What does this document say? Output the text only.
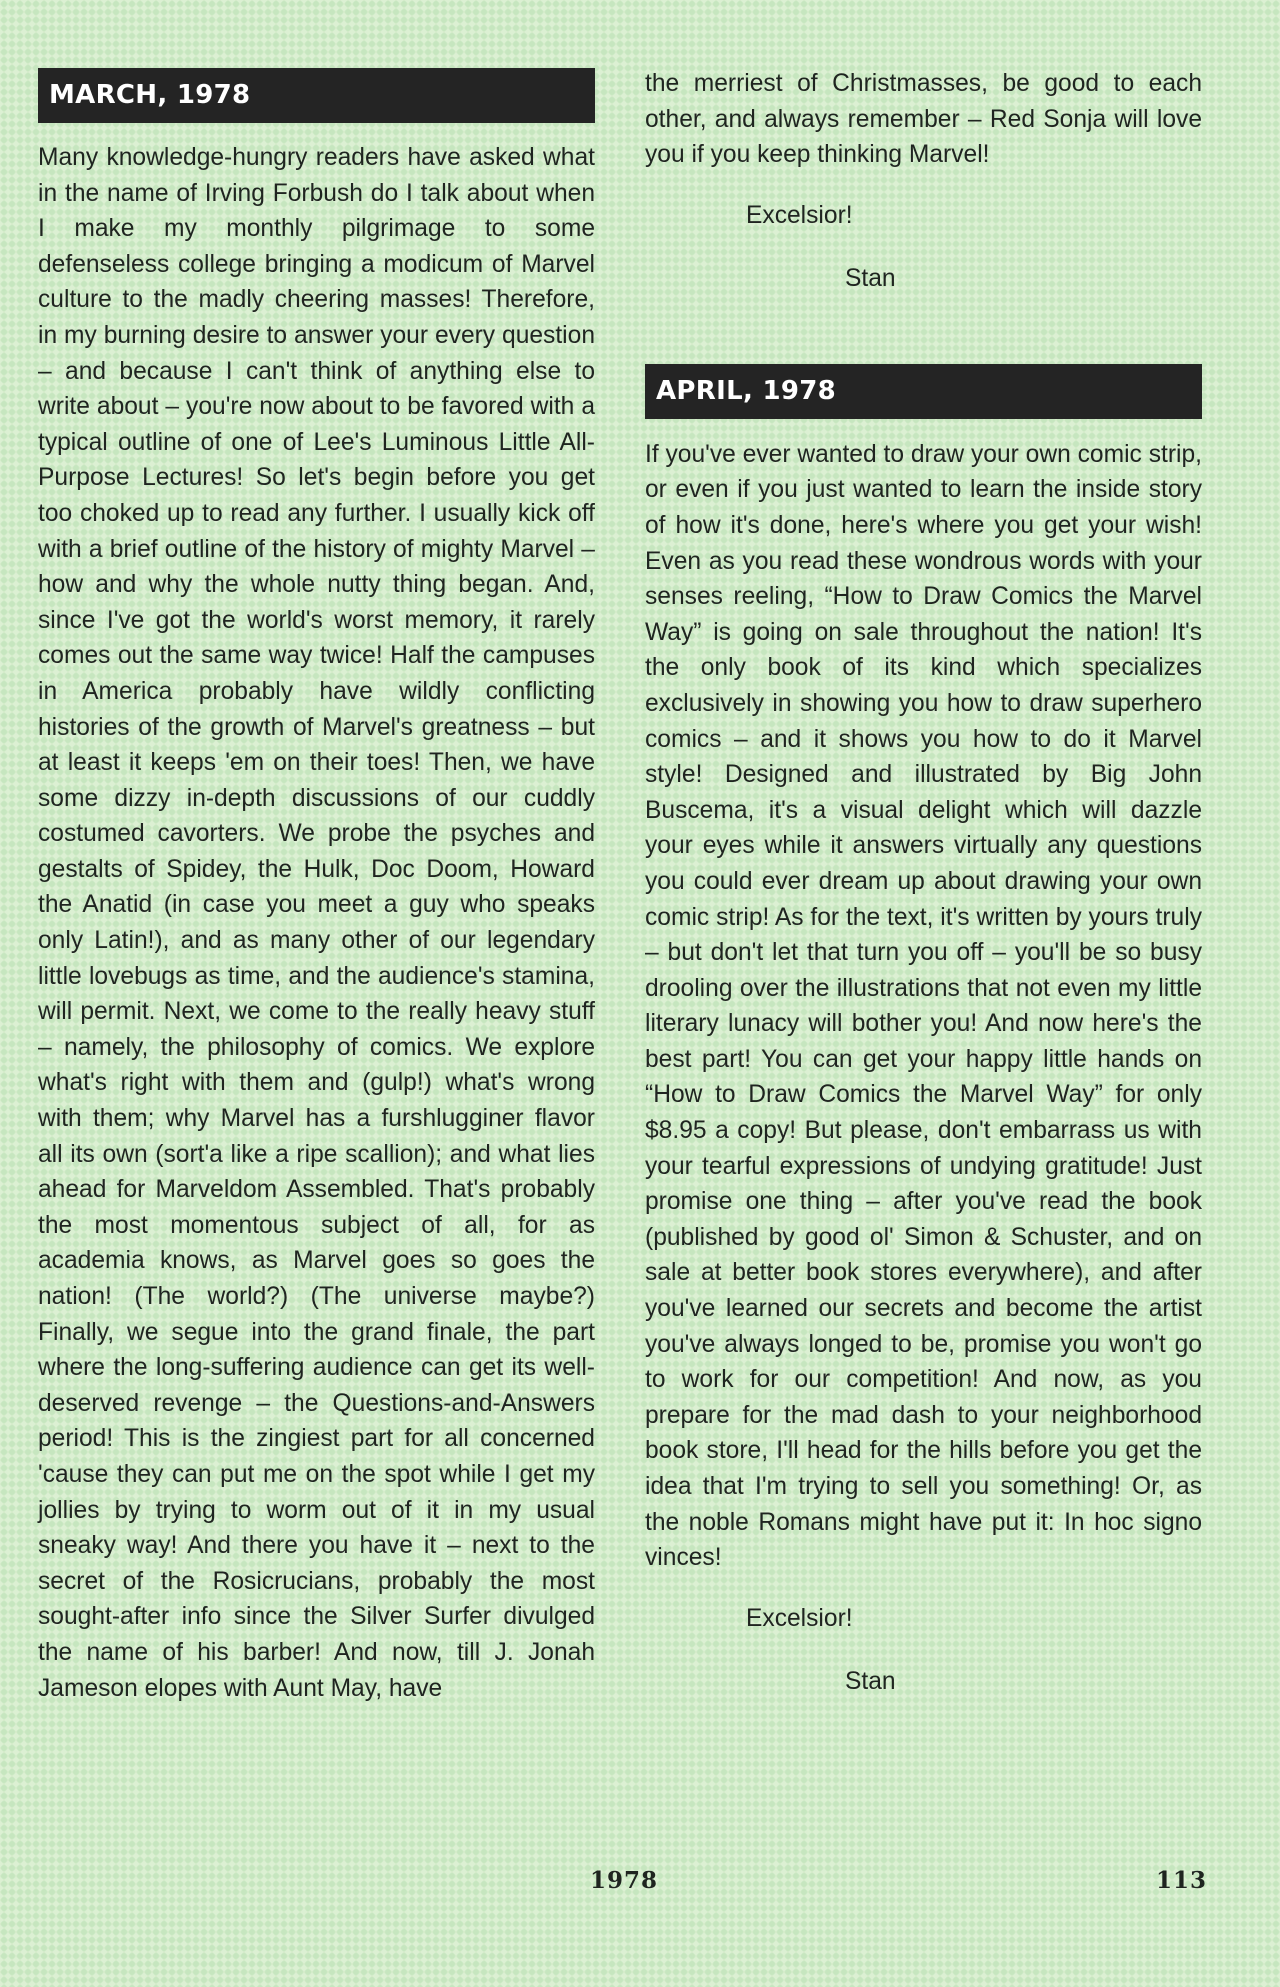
MARCH, 1978

Many knowledge-hungry readers have asked what in the name of Irving Forbush do I talk about when I make my monthly pilgrimage to some defenseless college bringing a modicum of Marvel culture to the madly cheering masses! Therefore, in my burning desire to answer your every question – and because I can't think of anything else to write about – you're now about to be favored with a typical outline of one of Lee's Luminous Little All-Purpose Lectures! So let's begin before you get too choked up to read any further. I usually kick off with a brief outline of the history of mighty Marvel – how and why the whole nutty thing began. And, since I've got the world's worst memory, it rarely comes out the same way twice! Half the campuses in America probably have wildly conflicting histories of the growth of Marvel's greatness – but at least it keeps 'em on their toes! Then, we have some dizzy in-depth discussions of our cuddly costumed cavorters. We probe the psyches and gestalts of Spidey, the Hulk, Doc Doom, Howard the Anatid (in case you meet a guy who speaks only Latin!), and as many other of our legendary little lovebugs as time, and the audience's stamina, will permit. Next, we come to the really heavy stuff – namely, the philosophy of comics. We explore what's right with them and (gulp!) what's wrong with them; why Marvel has a furshlugginer flavor all its own (sort'a like a ripe scallion); and what lies ahead for Marveldom Assembled. That's probably the most momentous subject of all, for as academia knows, as Marvel goes so goes the nation! (The world?) (The universe maybe?) Finally, we segue into the grand finale, the part where the long-suffering audience can get its well-deserved revenge – the Questions-and-Answers period! This is the zingiest part for all concerned 'cause they can put me on the spot while I get my jollies by trying to worm out of it in my usual sneaky way! And there you have it – next to the secret of the Rosicrucians, probably the most sought-after info since the Silver Surfer divulged the name of his barber! And now, till J. Jonah Jameson elopes with Aunt May, have

the merriest of Christmasses, be good to each other, and always remember – Red Sonja will love you if you keep thinking Marvel!

Excelsior!

Stan

APRIL, 1978

If you've ever wanted to draw your own comic strip, or even if you just wanted to learn the inside story of how it's done, here's where you get your wish! Even as you read these wondrous words with your senses reeling, “How to Draw Comics the Marvel Way” is going on sale throughout the nation! It's the only book of its kind which specializes exclusively in showing you how to draw superhero comics – and it shows you how to do it Marvel style! Designed and illustrated by Big John Buscema, it's a visual delight which will dazzle your eyes while it answers virtually any questions you could ever dream up about drawing your own comic strip! As for the text, it's written by yours truly – but don't let that turn you off – you'll be so busy drooling over the illustrations that not even my little literary lunacy will bother you! And now here's the best part! You can get your happy little hands on “How to Draw Comics the Marvel Way” for only $8.95 a copy! But please, don't embarrass us with your tearful expressions of undying gratitude! Just promise one thing – after you've read the book (published by good ol' Simon & Schuster, and on sale at better book stores everywhere), and after you've learned our secrets and become the artist you've always longed to be, promise you won't go to work for our competition! And now, as you prepare for the mad dash to your neighborhood book store, I'll head for the hills before you get the idea that I'm trying to sell you something! Or, as the noble Romans might have put it: In hoc signo vinces!

Excelsior!

Stan

1978	113
